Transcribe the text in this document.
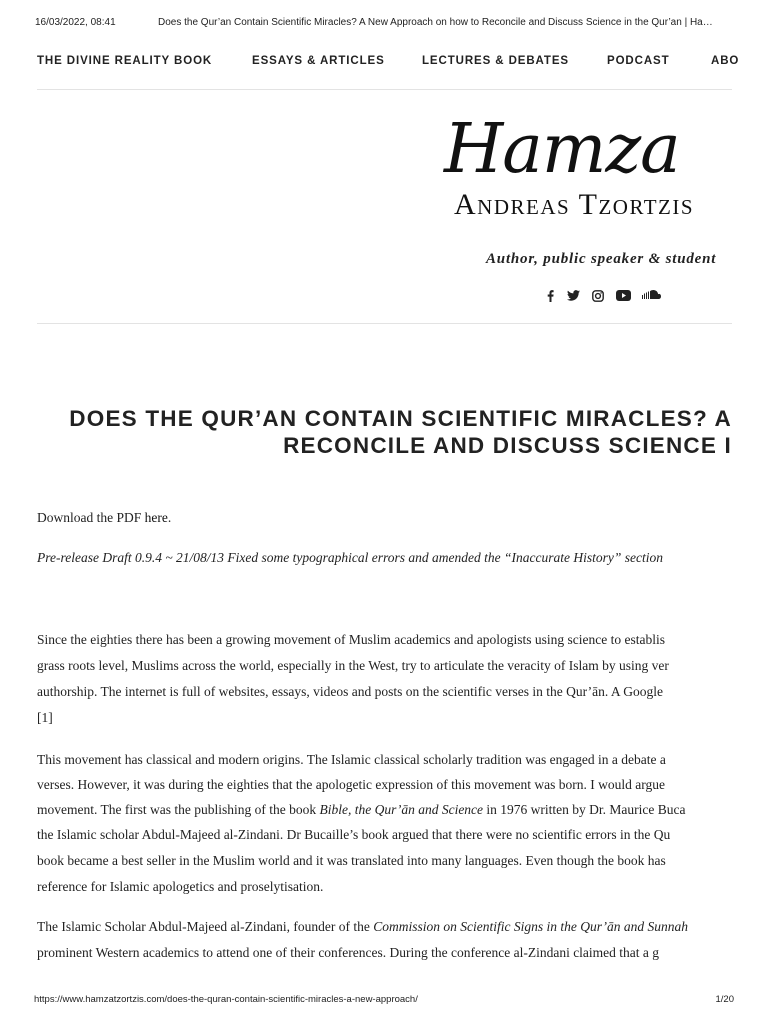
16/03/2022, 08:41	Does the Qur’an Contain Scientific Miracles? A New Approach on how to Reconcile and Discuss Science in the Qur’an | Ha…
THE DIVINE REALITY BOOK	ESSAYS & ARTICLES	LECTURES & DEBATES	PODCAST	ABO
Hamza
Andreas Tzortzis
Author, public speaker & student
DOES THE QUR’AN CONTAIN SCIENTIFIC MIRACLES? A
RECONCILE AND DISCUSS SCIENCE I

Download the PDF here.

Pre-release Draft 0.9.4 ~ 21/08/13 Fixed some typographical errors and amended the “Inaccurate History” section

Since the eighties there has been a growing movement of Muslim academics and apologists using science to establis

grass roots level, Muslims across the world, especially in the West, try to articulate the veracity of Islam by using ver

authorship. The internet is full of websites, essays, videos and posts on the scientific verses in the Qur’ān. A Google

[1]

This movement has classical and modern origins. The Islamic classical scholarly tradition was engaged in a debate a

verses. However, it was during the eighties that the apologetic expression of this movement was born. I would argue

movement. The first was the publishing of the book Bible, the Qur’ān and Science in 1976 written by Dr. Maurice Buca

the Islamic scholar Abdul-Majeed al-Zindani. Dr Bucaille’s book argued that there were no scientific errors in the Qu

book became a best seller in the Muslim world and it was translated into many languages. Even though the book has

reference for Islamic apologetics and proselytisation.

The Islamic Scholar Abdul-Majeed al-Zindani, founder of the Commission on Scientific Signs in the Qur’ān and Sunnah

prominent Western academics to attend one of their conferences. During the conference al-Zindani claimed that a g

https://www.hamzatzortzis.com/does-the-quran-contain-scientific-miracles-a-new-approach/	1/20
